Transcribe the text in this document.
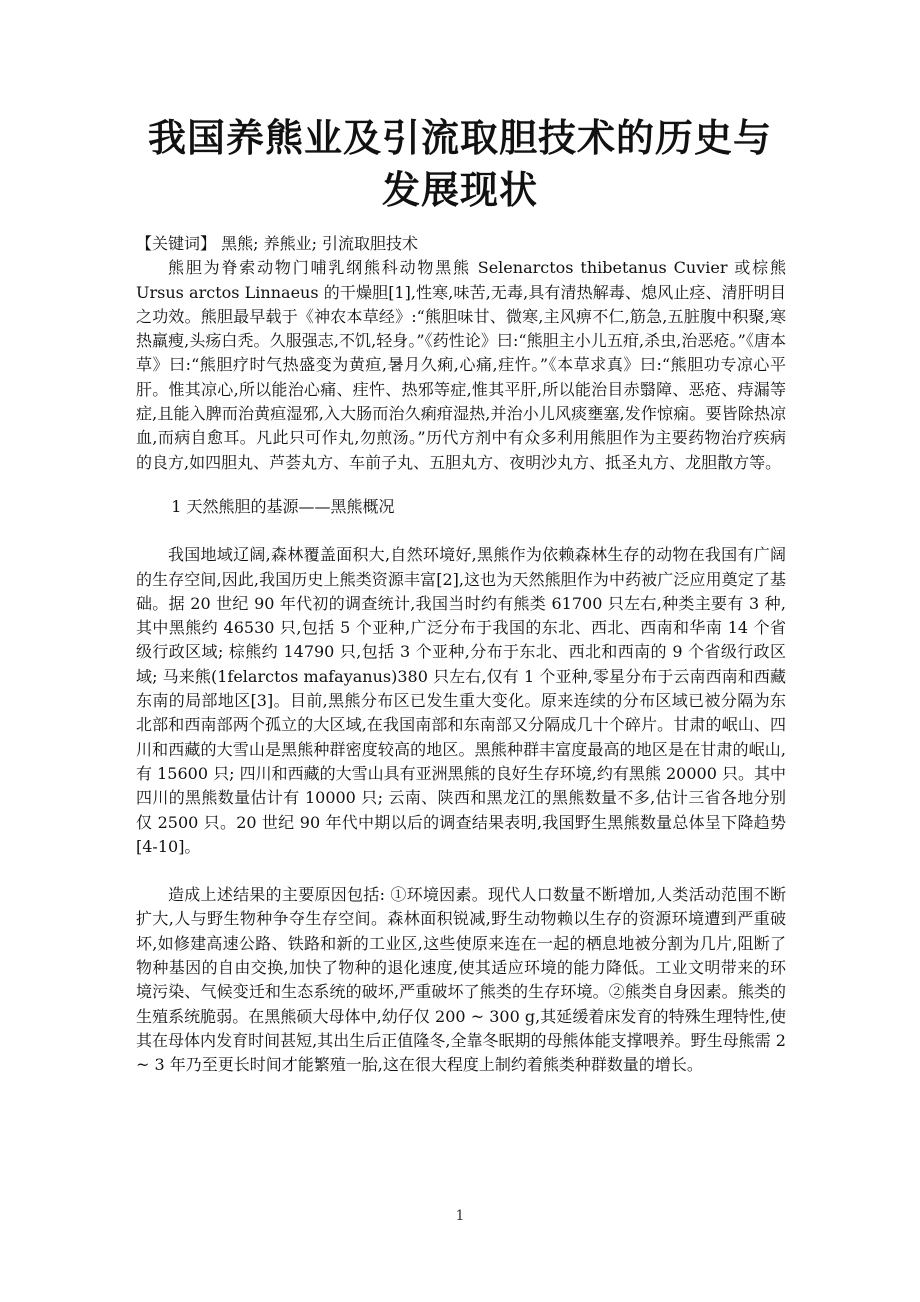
我国养熊业及引流取胆技术的历史与发展现状

【关键词】 黑熊; 养熊业; 引流取胆技术

熊胆为脊索动物门哺乳纲熊科动物黑熊 Selenarctos thibetanus Cuvier 或棕熊 Ursus arctos Linnaeus 的干燥胆[1],性寒,味苦,无毒,具有清热解毒、熄风止痉、清肝明目之功效。熊胆最早载于《神农本草经》:“熊胆味甘、微寒,主风痹不仁,筋急,五脏腹中积聚,寒热羸瘦,头疡白秃。久服强志,不饥,轻身。”《药性论》曰:“熊胆主小儿五疳,杀虫,治恶疮。”《唐本草》曰:“熊胆疗时气热盛变为黄疸,暑月久痢,心痛,疰忤。”《本草求真》曰:“熊胆功专凉心平肝。惟其凉心,所以能治心痛、疰忤、热邪等症,惟其平肝,所以能治目赤翳障、恶疮、痔漏等症,且能入脾而治黄疸湿邪,入大肠而治久痢疳湿热,并治小儿风痰壅塞,发作惊痫。要皆除热凉血,而病自愈耳。凡此只可作丸,勿煎汤。”历代方剂中有众多利用熊胆作为主要药物治疗疾病的良方,如四胆丸、芦荟丸方、车前子丸、五胆丸方、夜明沙丸方、抵圣丸方、龙胆散方等。

1 天然熊胆的基源——黑熊概况

我国地域辽阔,森林覆盖面积大,自然环境好,黑熊作为依赖森林生存的动物在我国有广阔的生存空间,因此,我国历史上熊类资源丰富[2],这也为天然熊胆作为中药被广泛应用奠定了基础。据 20 世纪 90 年代初的调查统计,我国当时约有熊类 61700 只左右,种类主要有 3 种,其中黑熊约 46530 只,包括 5 个亚种,广泛分布于我国的东北、西北、西南和华南 14 个省级行政区域; 棕熊约 14790 只,包括 3 个亚种,分布于东北、西北和西南的 9 个省级行政区域; 马来熊(1felarctos mafayanus)380 只左右,仅有 1 个亚种,零星分布于云南西南和西藏东南的局部地区[3]。目前,黑熊分布区已发生重大变化。原来连续的分布区域已被分隔为东北部和西南部两个孤立的大区域,在我国南部和东南部又分隔成几十个碎片。甘肃的岷山、四川和西藏的大雪山是黑熊种群密度较高的地区。黑熊种群丰富度最高的地区是在甘肃的岷山,有 15600 只; 四川和西藏的大雪山具有亚洲黑熊的良好生存环境,约有黑熊 20000 只。其中四川的黑熊数量估计有 10000 只; 云南、陕西和黑龙江的黑熊数量不多,估计三省各地分别仅 2500 只。20 世纪 90 年代中期以后的调查结果表明,我国野生黑熊数量总体呈下降趋势[4-10]。

造成上述结果的主要原因包括: ①环境因素。现代人口数量不断增加,人类活动范围不断扩大,人与野生物种争夺生存空间。森林面积锐减,野生动物赖以生存的资源环境遭到严重破坏,如修建高速公路、铁路和新的工业区,这些使原来连在一起的栖息地被分割为几片,阻断了物种基因的自由交换,加快了物种的退化速度,使其适应环境的能力降低。工业文明带来的环境污染、气候变迁和生态系统的破坏,严重破坏了熊类的生存环境。②熊类自身因素。熊类的生殖系统脆弱。在黑熊硕大母体中,幼仔仅 200 ~ 300 g,其延缓着床发育的特殊生理特性,使其在母体内发育时间甚短,其出生后正值隆冬,全靠冬眠期的母熊体能支撑喂养。野生母熊需 2 ~ 3 年乃至更长时间才能繁殖一胎,这在很大程度上制约着熊类种群数量的增长。

1
